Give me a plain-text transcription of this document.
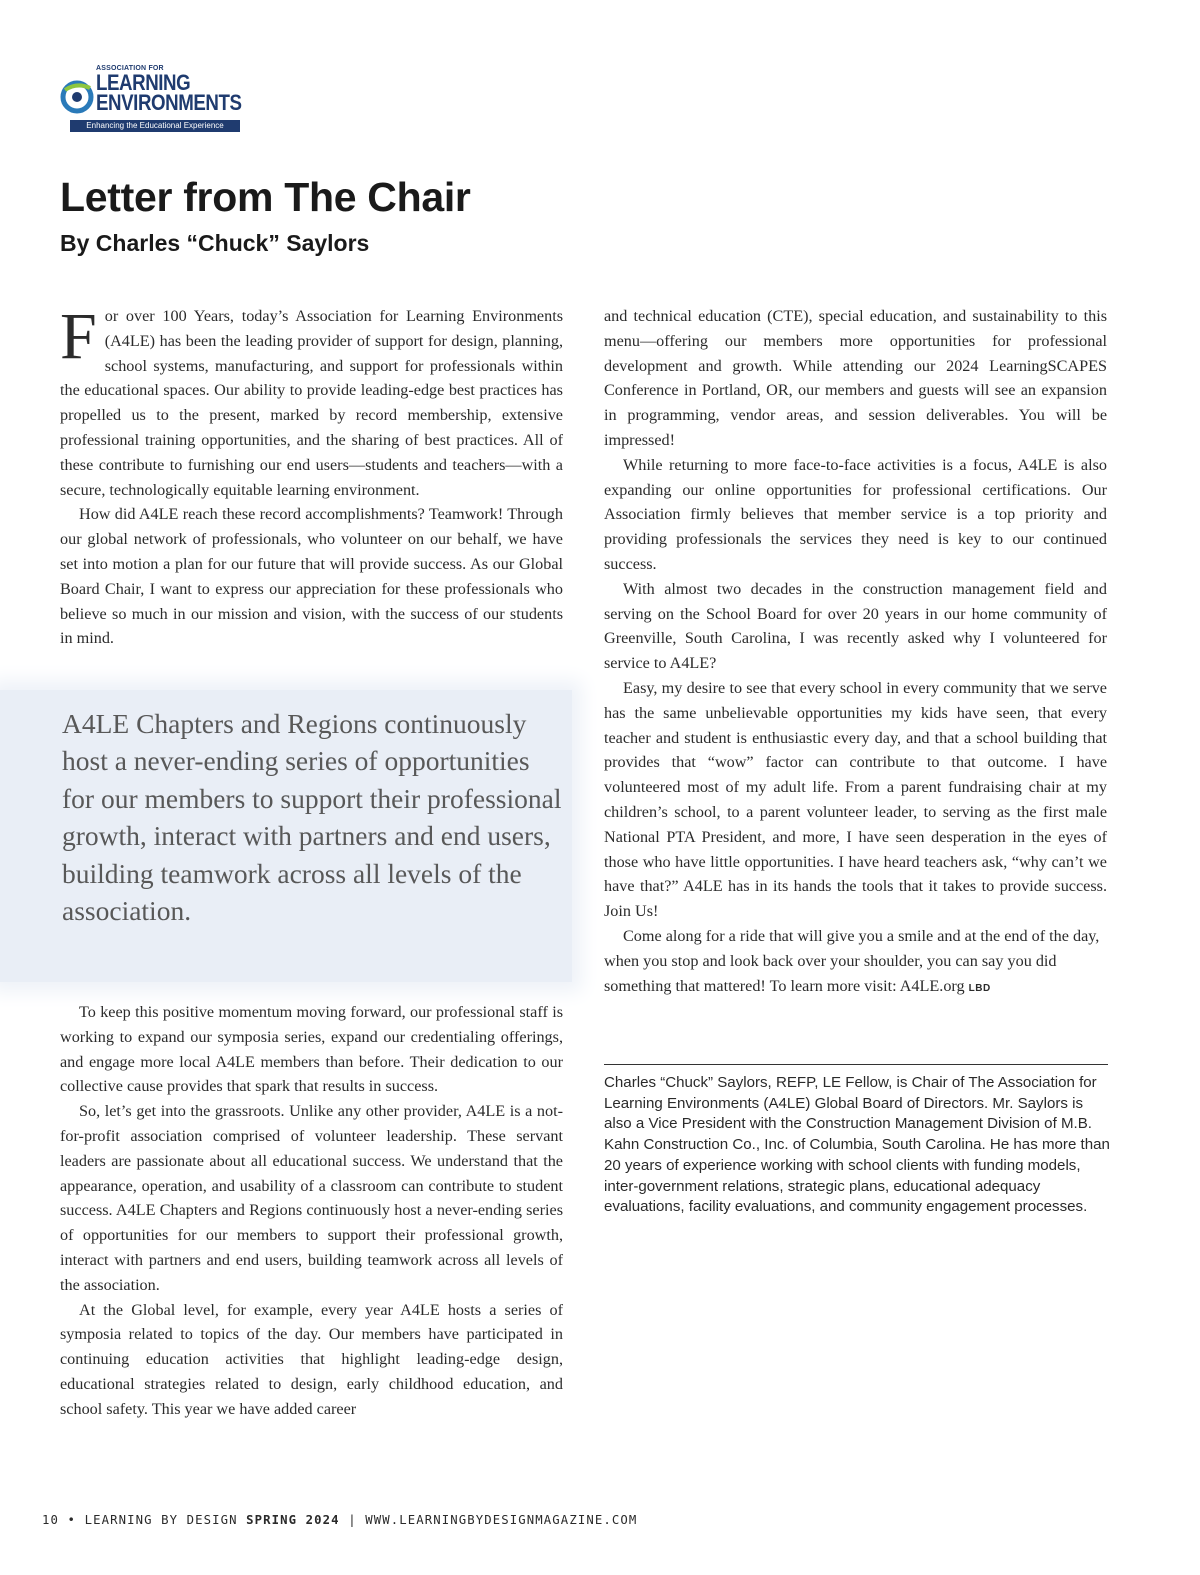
ASSOCIATION FOR
LEARNING
ENVIRONMENTS
Enhancing the Educational Experience
Letter from The Chair
By Charles “Chuck” Saylors

For over 100 Years, today’s Association for Learning Environments (A4LE) has been the leading provider of support for design, planning, school systems, manufacturing, and support for professionals within the educational spaces. Our ability to provide leading-edge best practices has propelled us to the present, marked by record membership, extensive professional training opportunities, and the sharing of best practices. All of these contribute to furnishing our end users—students and teachers—with a secure, technologically equitable learning environment.

How did A4LE reach these record accomplishments? Teamwork! Through our global network of professionals, who volunteer on our behalf, we have set into motion a plan for our future that will provide success. As our Global Board Chair, I want to express our appreciation for these professionals who believe so much in our mission and vision, with the success of our students in mind.

A4LE Chapters and Regions continuously host a never-ending series of opportunities for our members to support their professional growth, interact with partners and end users, building teamwork across all levels of the association.

To keep this positive momentum moving forward, our professional staff is working to expand our symposia series, expand our credentialing offerings, and engage more local A4LE members than before. Their dedication to our collective cause provides that spark that results in success.

So, let’s get into the grassroots. Unlike any other provider, A4LE is a not-for-profit association comprised of volunteer leadership. These servant leaders are passionate about all educational success. We understand that the appearance, operation, and usability of a classroom can contribute to student success. A4LE Chapters and Regions continuously host a never-ending series of opportunities for our members to support their professional growth, interact with partners and end users, building teamwork across all levels of the association.

At the Global level, for example, every year A4LE hosts a series of symposia related to topics of the day. Our members have participated in continuing education activities that highlight leading-edge design, educational strategies related to design, early childhood education, and school safety. This year we have added career

and technical education (CTE), special education, and sustainability to this menu—offering our members more opportunities for professional development and growth. While attending our 2024 LearningSCAPES Conference in Portland, OR, our members and guests will see an expansion in programming, vendor areas, and session deliverables. You will be impressed!

While returning to more face-to-face activities is a focus, A4LE is also expanding our online opportunities for professional certifications. Our Association firmly believes that member service is a top priority and providing professionals the services they need is key to our continued success.

With almost two decades in the construction management field and serving on the School Board for over 20 years in our home community of Greenville, South Carolina, I was recently asked why I volunteered for service to A4LE?

Easy, my desire to see that every school in every community that we serve has the same unbelievable opportunities my kids have seen, that every teacher and student is enthusiastic every day, and that a school building that provides that “wow” factor can contribute to that outcome. I have volunteered most of my adult life. From a parent fundraising chair at my children’s school, to a parent volunteer leader, to serving as the first male National PTA President, and more, I have seen desperation in the eyes of those who have little opportunities. I have heard teachers ask, “why can’t we have that?” A4LE has in its hands the tools that it takes to provide success. Join Us!

Come along for a ride that will give you a smile and at the end of the day, when you stop and look back over your shoulder, you can say you did something that mattered! To learn more visit: A4LE.org LBD

Charles “Chuck” Saylors, REFP, LE Fellow, is Chair of The Association for Learning Environments (A4LE) Global Board of Directors. Mr. Saylors is also a Vice President with the Construction Management Division of M.B. Kahn Construction Co., Inc. of Columbia, South Carolina. He has more than 20 years of experience working with school clients with funding models, inter-government relations, strategic plans, educational adequacy evaluations, facility evaluations, and community engagement processes.

10 • LEARNING BY DESIGN SPRING 2024 | WWW.LEARNINGBYDESIGNMAGAZINE.COM
